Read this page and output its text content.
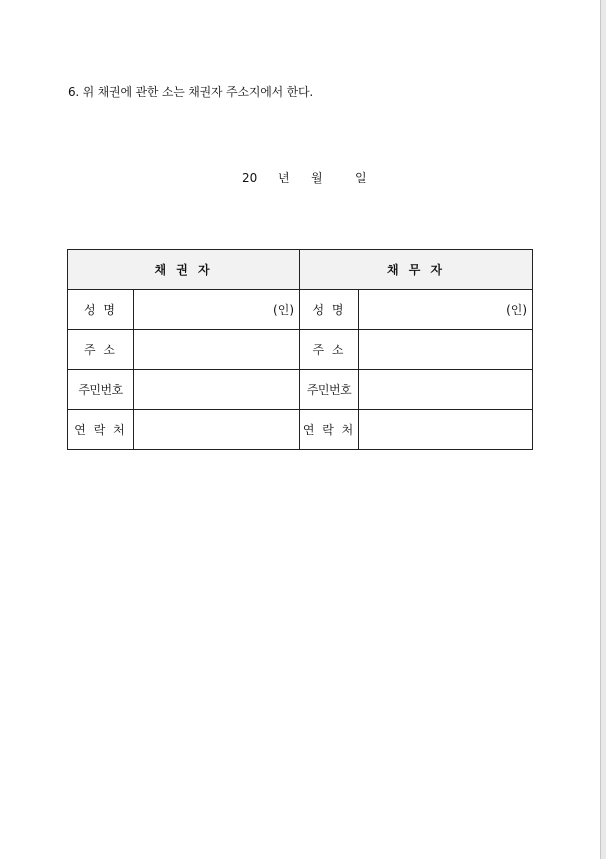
6. 위 채권에 관한 소는 채권자 주소지에서 한다.
20 년 월	일
채 권 자		채 무 자	
성 명	(인)	성 명	(인)
주 소		주 소	
주민번호		주민번호	
연 락 처		연 락 처	
